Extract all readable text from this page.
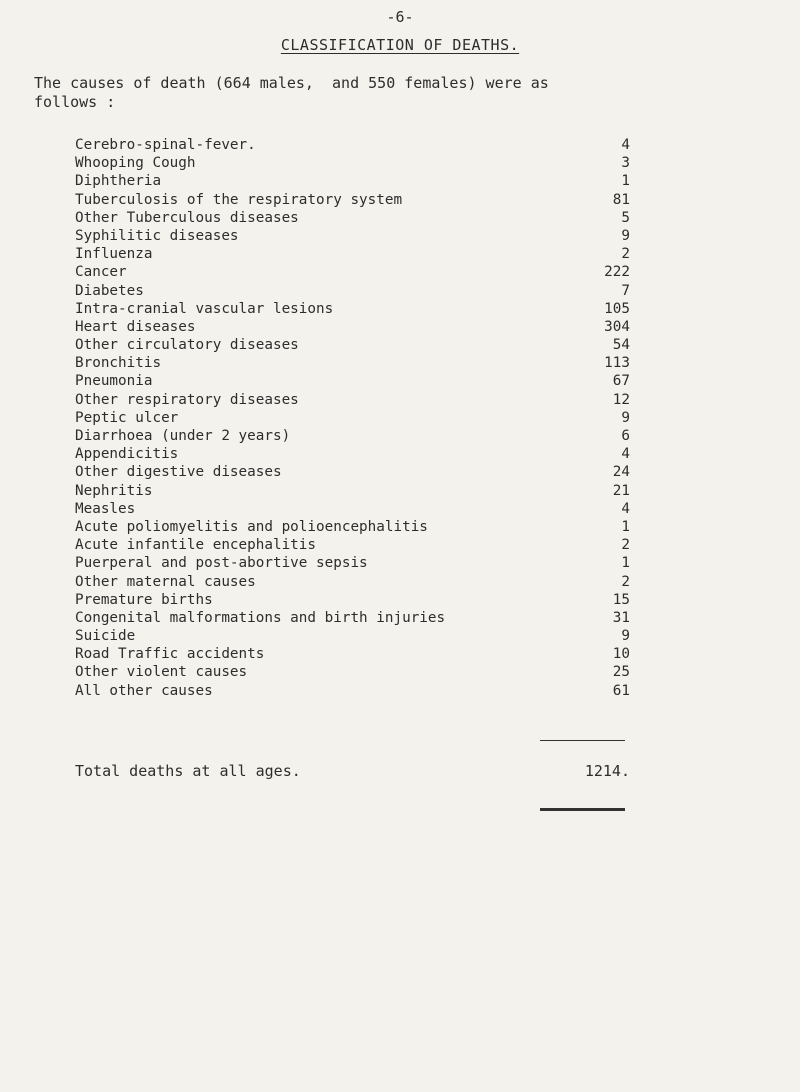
-6-
CLASSIFICATION OF DEATHS.
The causes of death (664 males,  and 550 females) were as
follows :
Cerebro-spinal-fever.	4
Whooping Cough	3
Diphtheria	1
Tuberculosis of the respiratory system	81
Other Tuberculous diseases	5
Syphilitic diseases	9
Influenza	2
Cancer	222
Diabetes	7
Intra-cranial vascular lesions	105
Heart diseases	304
Other circulatory diseases	54
Bronchitis	113
Pneumonia	67
Other respiratory diseases	12
Peptic ulcer	9
Diarrhoea (under 2 years)	6
Appendicitis	4
Other digestive diseases	24
Nephritis	21
Measles	4
Acute poliomyelitis and polioencephalitis	1
Acute infantile encephalitis	2
Puerperal and post-abortive sepsis	1
Other maternal causes	2
Premature births	15
Congenital malformations and birth injuries	31
Suicide	9
Road Traffic accidents	10
Other violent causes	25
All other causes	61
Total deaths at all ages.	1214.
